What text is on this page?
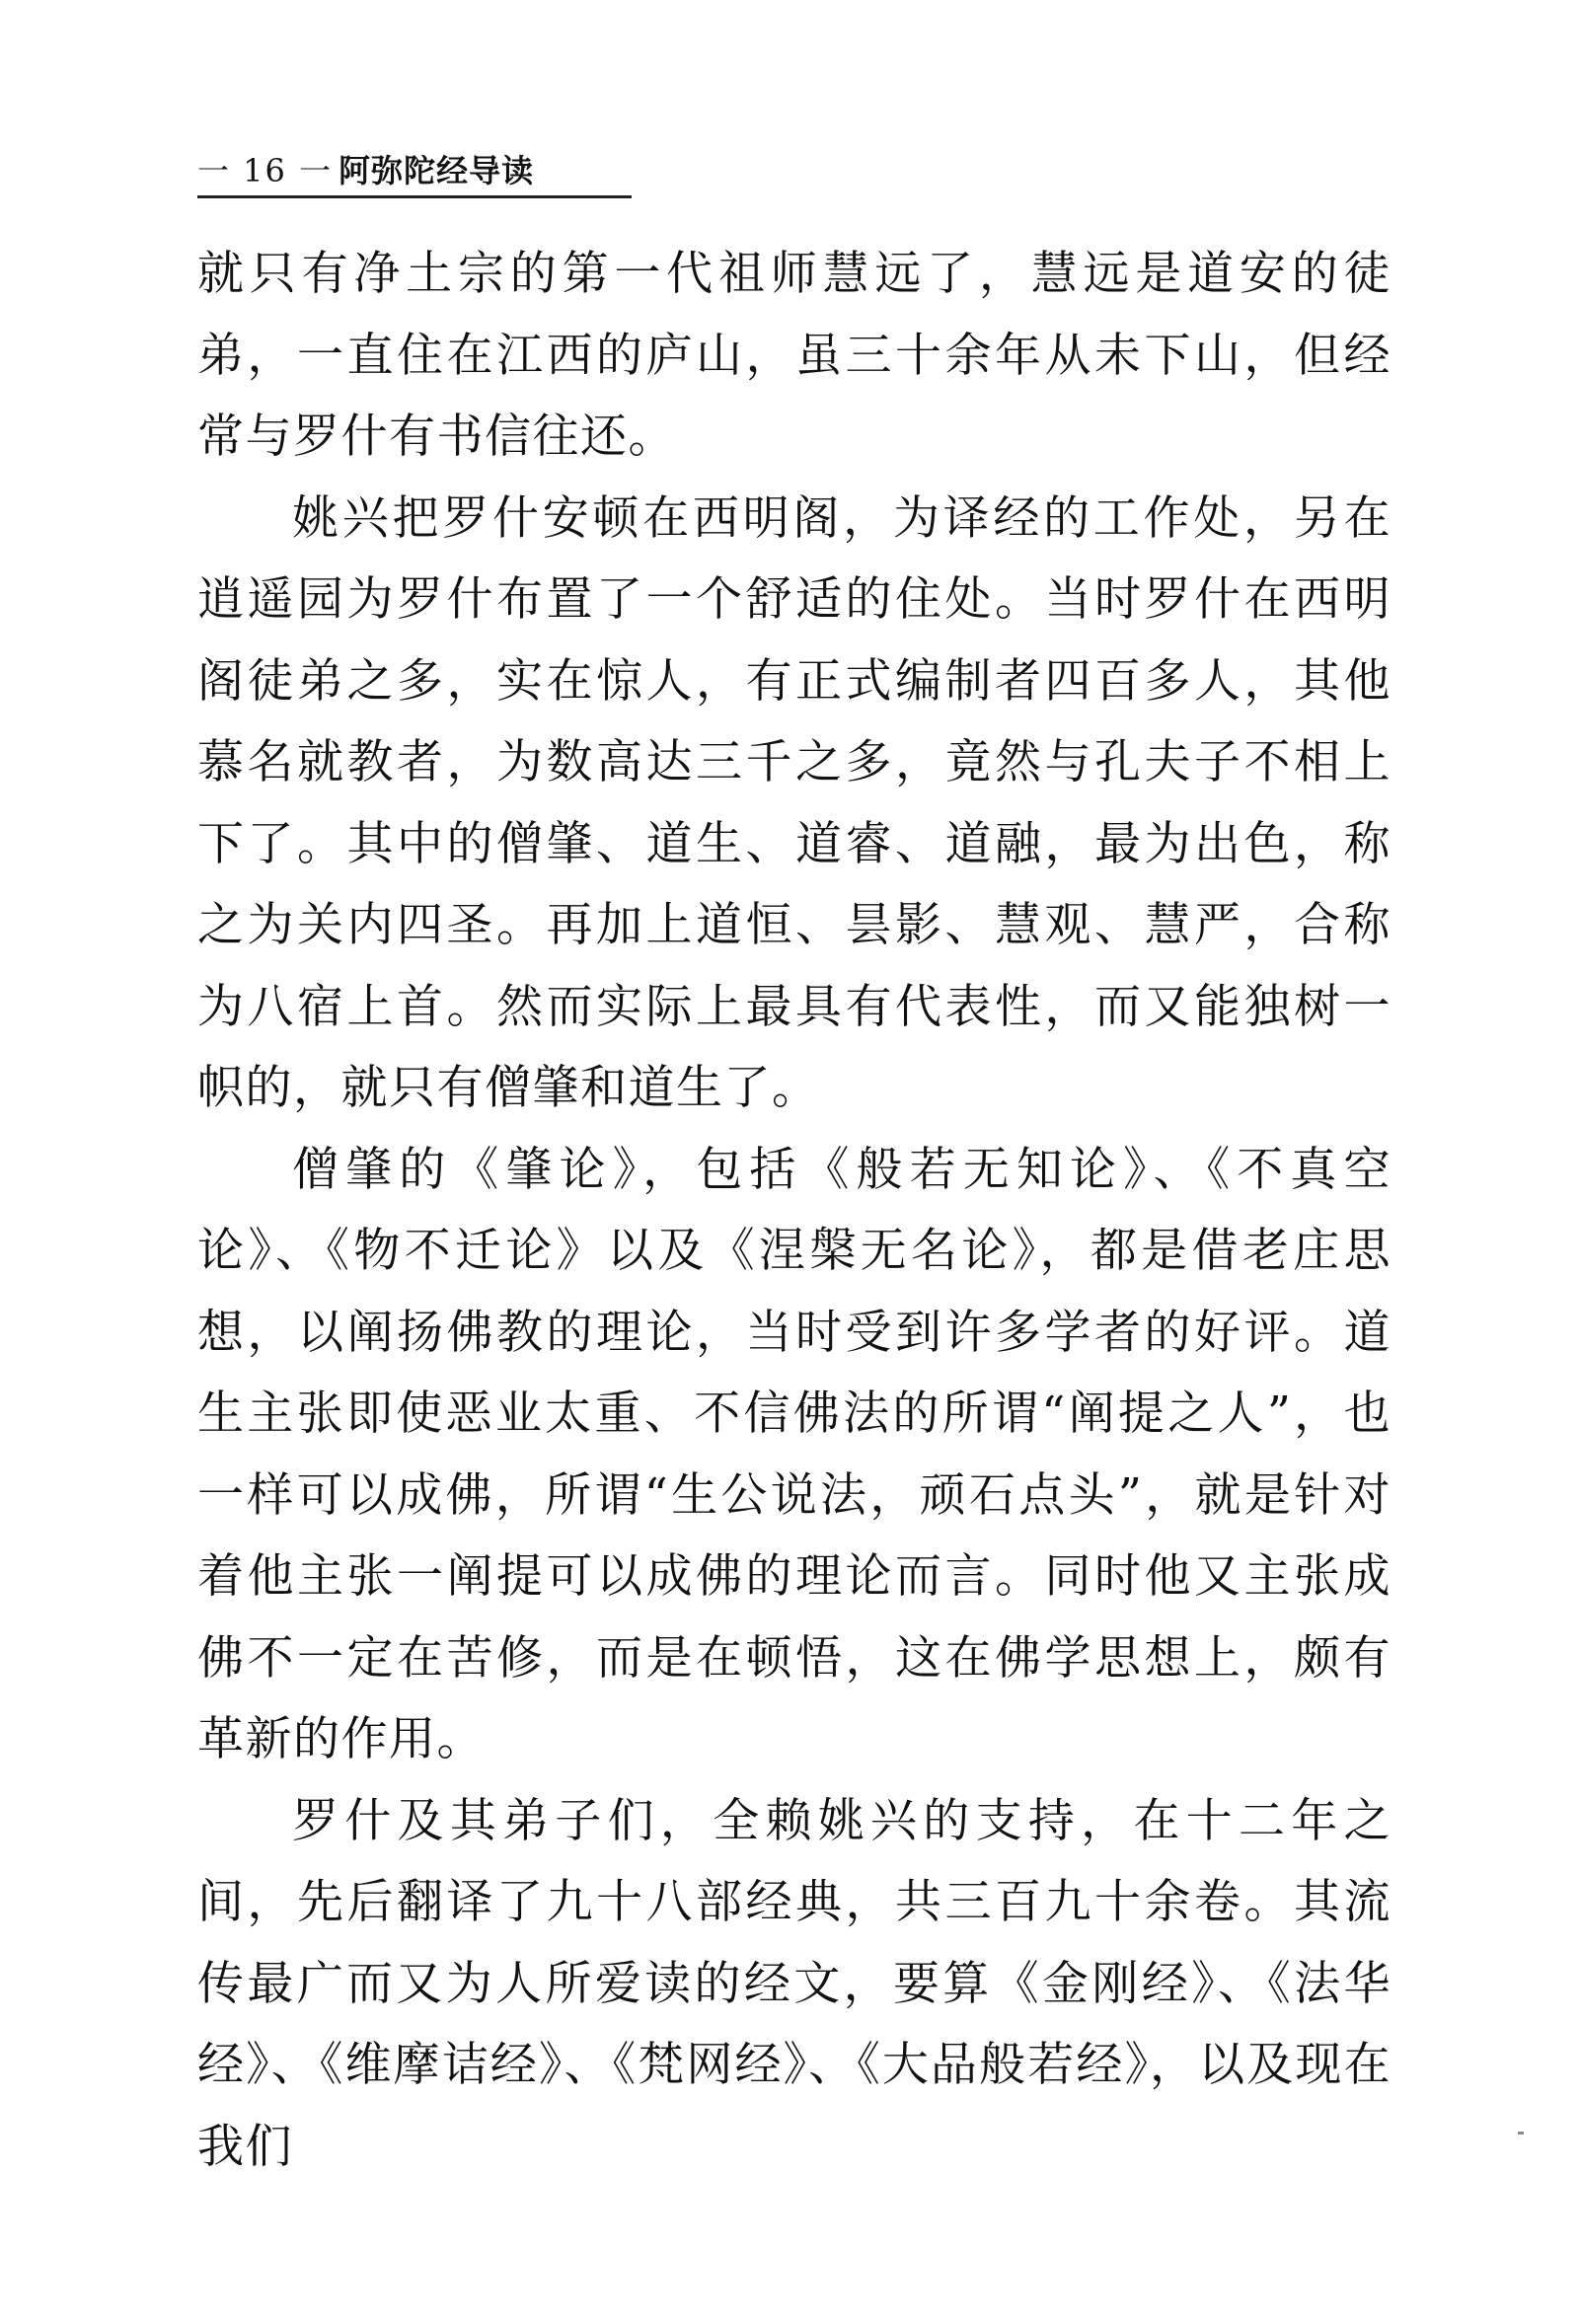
一 16 一 阿弥陀经导读

就只有净土宗的第一代祖师慧远了，慧远是道安的徒弟，一直住在江西的庐山，虽三十余年从未下山，但经常与罗什有书信往还。

姚兴把罗什安顿在西明阁，为译经的工作处，另在逍遥园为罗什布置了一个舒适的住处。当时罗什在西明阁徒弟之多，实在惊人，有正式编制者四百多人，其他慕名就教者，为数高达三千之多，竟然与孔夫子不相上下了。其中的僧肇、道生、道睿、道融，最为出色，称之为关内四圣。再加上道恒、昙影、慧观、慧严，合称为八宿上首。然而实际上最具有代表性，而又能独树一帜的，就只有僧肇和道生了。

僧肇的《肇论》，包括《般若无知论》、《不真空论》、《物不迁论》以及《涅槃无名论》，都是借老庄思想，以阐扬佛教的理论，当时受到许多学者的好评。道生主张即使恶业太重、不信佛法的所谓“阐提之人”，也一样可以成佛，所谓“生公说法，顽石点头”，就是针对着他主张一阐提可以成佛的理论而言。同时他又主张成佛不一定在苦修，而是在顿悟，这在佛学思想上，颇有革新的作用。

罗什及其弟子们，全赖姚兴的支持，在十二年之间，先后翻译了九十八部经典，共三百九十余卷。其流传最广而又为人所爱读的经文，要算《金刚经》、《法华经》、《维摩诘经》、《梵网经》、《大品般若经》，以及现在我们
